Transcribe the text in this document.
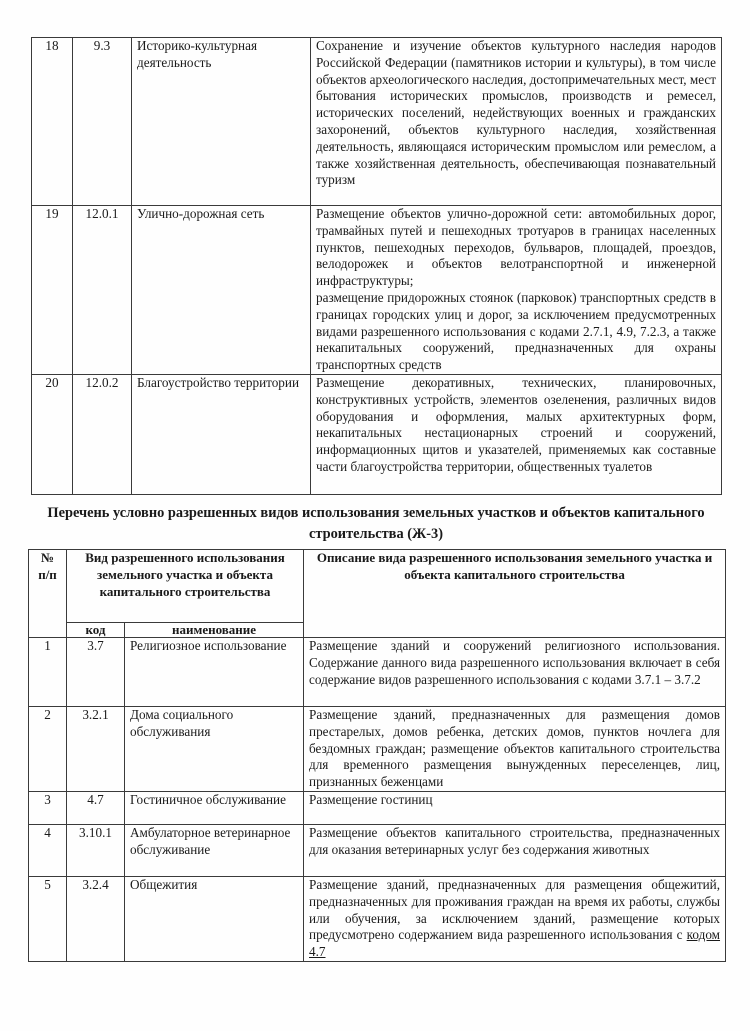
18	9.3	Историко-культурная деятельность	Сохранение и изучение объектов культурного наследия народов Российской Федерации (памятников истории и культуры), в том числе объектов археологического наследия, достопримечательных мест, мест бытования исторических промыслов, производств и ремесел, исторических поселений, недействующих военных и гражданских захоронений, объектов культурного наследия, хозяйственная деятельность, являющаяся историческим промыслом или ремеслом, а также хозяйственная деятельность, обеспечивающая познавательный туризм
19	12.0.1	Улично-дорожная сеть	Размещение объектов улично-дорожной сети: автомобильных дорог, трамвайных путей и пешеходных тротуаров в границах населенных пунктов, пешеходных переходов, бульваров, площадей, проездов, велодорожек и объектов велотранспортной и инженерной инфраструктуры;
размещение придорожных стоянок (парковок) транспортных средств в границах городских улиц и дорог, за исключением предусмотренных видами разрешенного использования с кодами 2.7.1, 4.9, 7.2.3, а также некапитальных сооружений, предназначенных для охраны транспортных средств

20	12.0.2	Благоустройство территории	Размещение декоративных, технических, планировочных, конструктивных устройств, элементов озеленения, различных видов оборудования и оформления, малых архитектурных форм, некапитальных нестационарных строений и сооружений, информационных щитов и указателей, применяемых как составные части благоустройства территории, общественных туалетов
Перечень условно разрешенных видов использования земельных участков и объектов капитального строительства (Ж-3)
№ п/п	Вид разрешенного использования земельного участка и объекта капитального строительства		Описание вида разрешенного использования земельного участка и объекта капитального строительства
	код	наименование	
1	3.7	Религиозное использование	Размещение зданий и сооружений религиозного использования. Содержание данного вида разрешенного использования включает в себя содержание видов разрешенного использования с кодами 3.7.1 – 3.7.2
2	3.2.1	Дома социального обслуживания	Размещение зданий, предназначенных для размещения домов престарелых, домов ребенка, детских домов, пунктов ночлега для бездомных граждан; размещение объектов капитального строительства для временного размещения вынужденных переселенцев, лиц, признанных беженцами
3	4.7	Гостиничное обслуживание	Размещение гостиниц
4	3.10.1	Амбулаторное ветеринарное обслуживание	Размещение объектов капитального строительства, предназначенных для оказания ветеринарных услуг без содержания животных
5	3.2.4	Общежития	Размещение зданий, предназначенных для размещения общежитий, предназначенных для проживания граждан на время их работы, службы или обучения, за исключением зданий, размещение которых предусмотрено содержанием вида разрешенного использования с кодом 4.7
